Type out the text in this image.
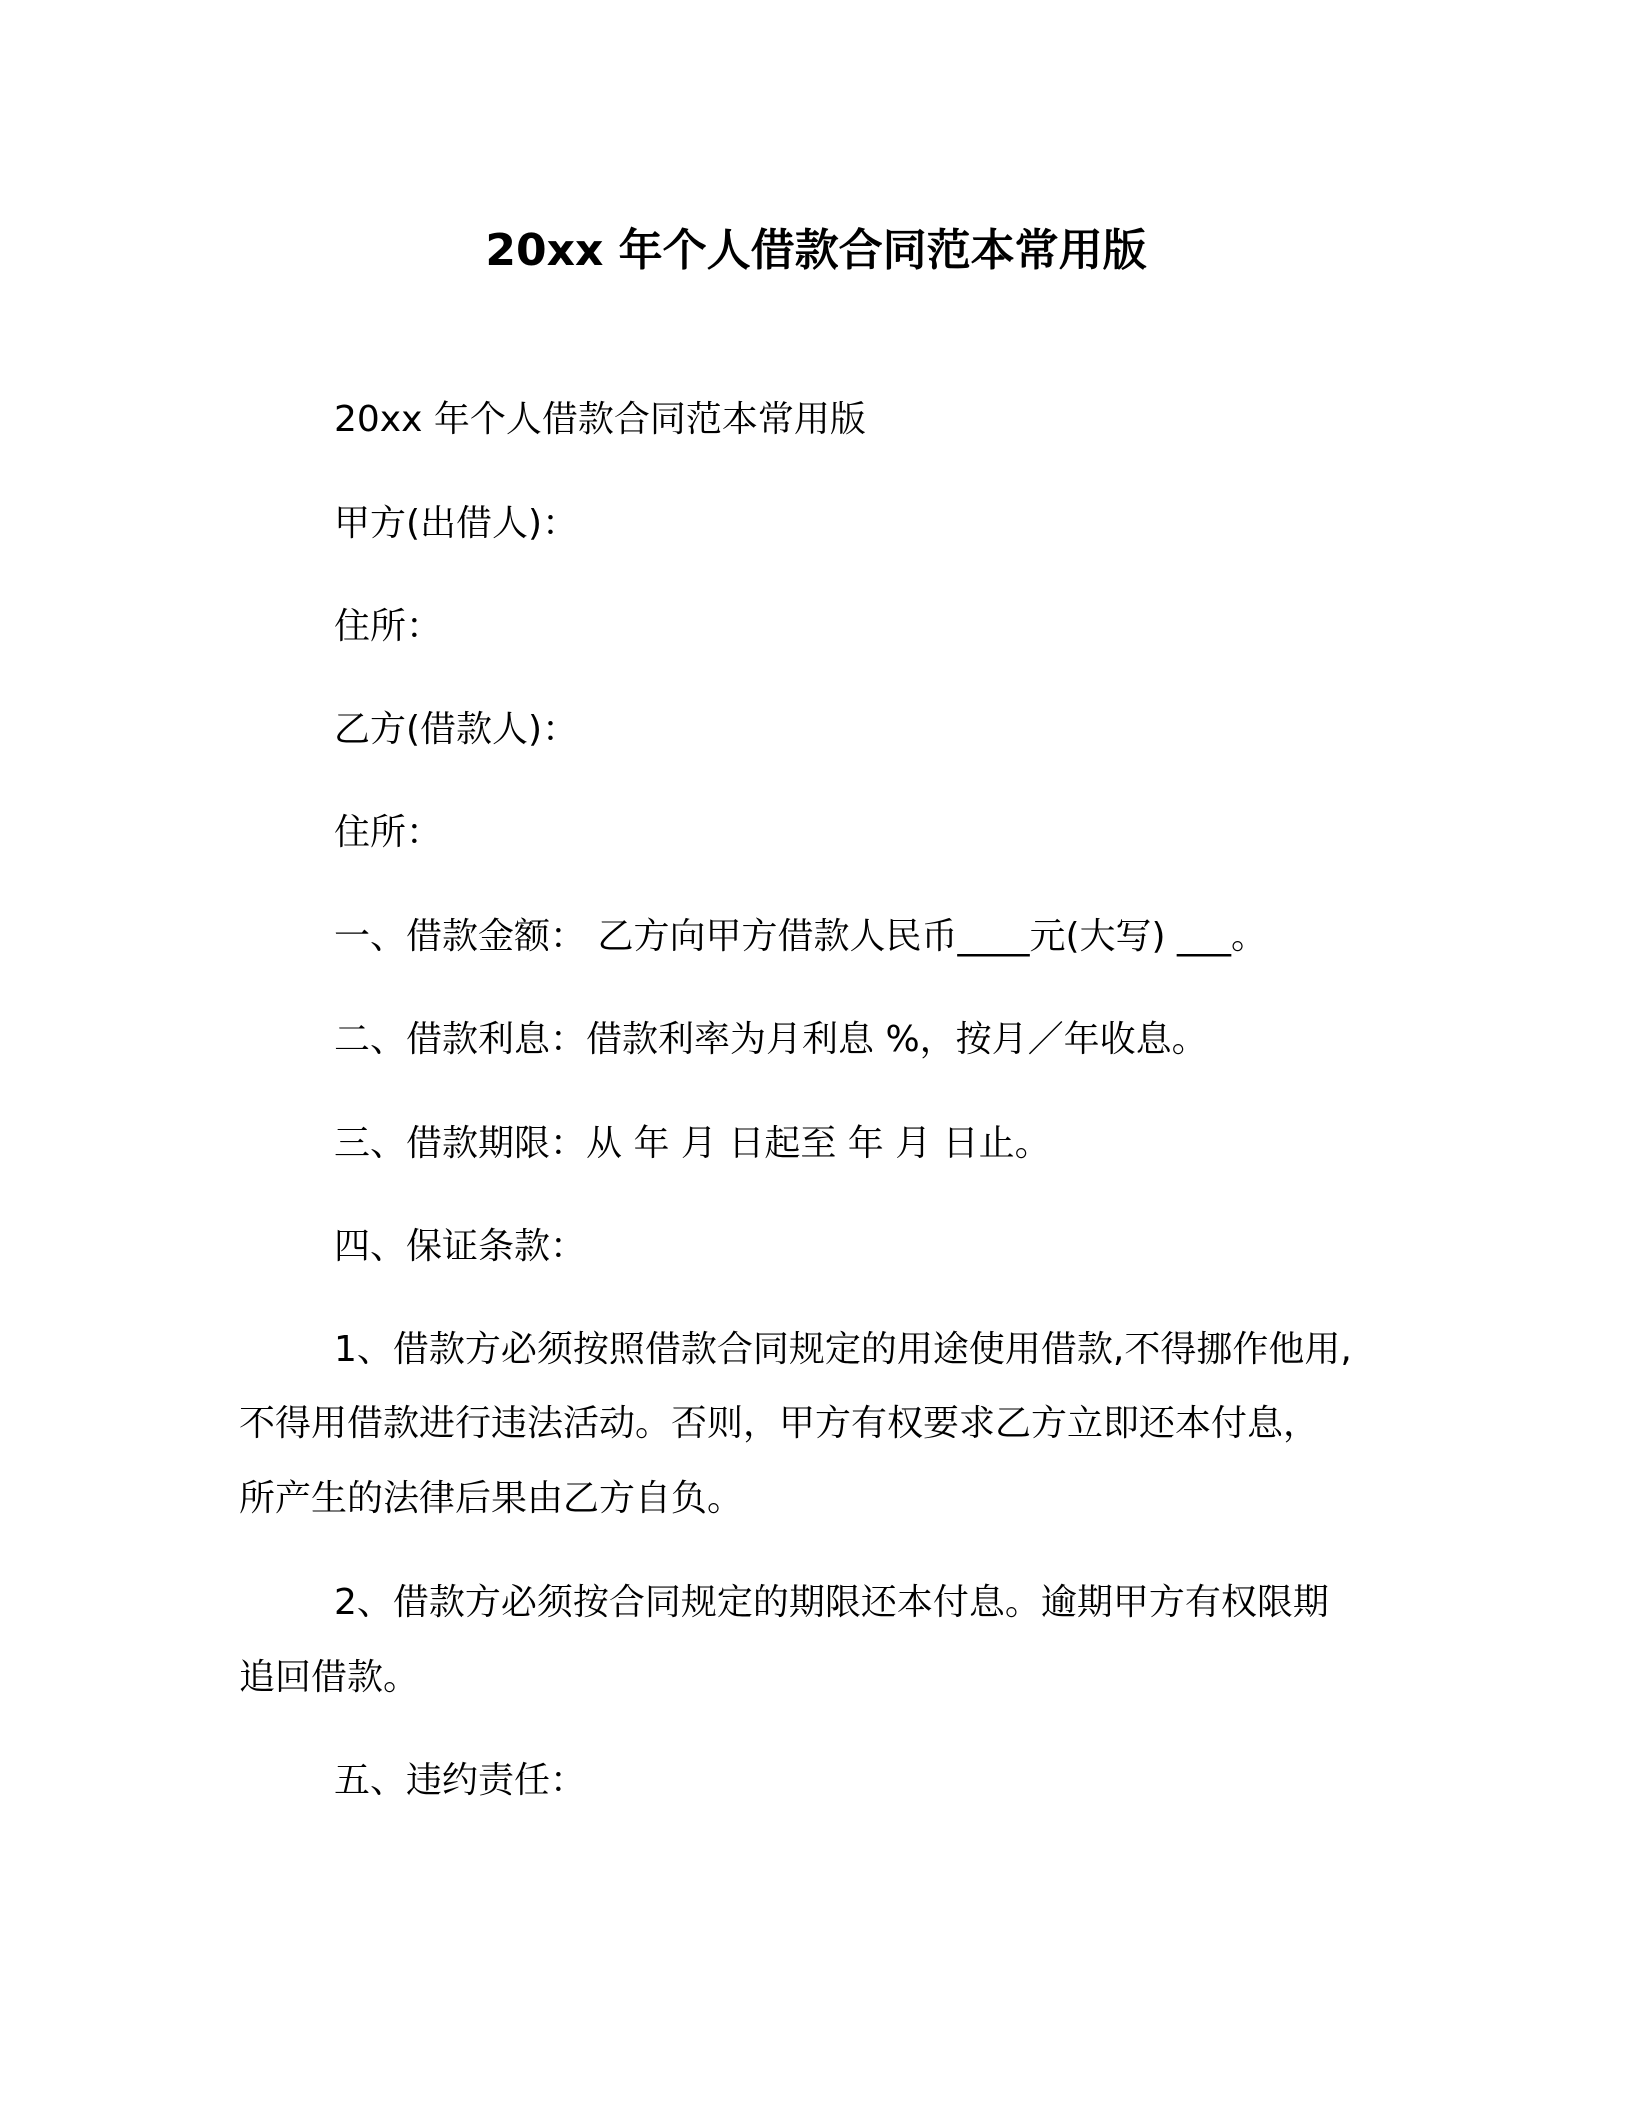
20xx 年个人借款合同范本常用版
20xx 年个人借款合同范本常用版
甲方(出借人)：
住所：
乙方(借款人)：
住所：
一、借款金额： 乙方向甲方借款人民币____元(大写) ___。
二、借款利息：借款利率为月利息 %，按月／年收息。
三、借款期限：从 年 月 日起至 年 月 日止。
四、保证条款：
1、借款方必须按照借款合同规定的用途使用借款,不得挪作他用,
不得用借款进行违法活动。否则，甲方有权要求乙方立即还本付息，
所产生的法律后果由乙方自负。
2、借款方必须按合同规定的期限还本付息。逾期甲方有权限期
追回借款。
五、违约责任：
